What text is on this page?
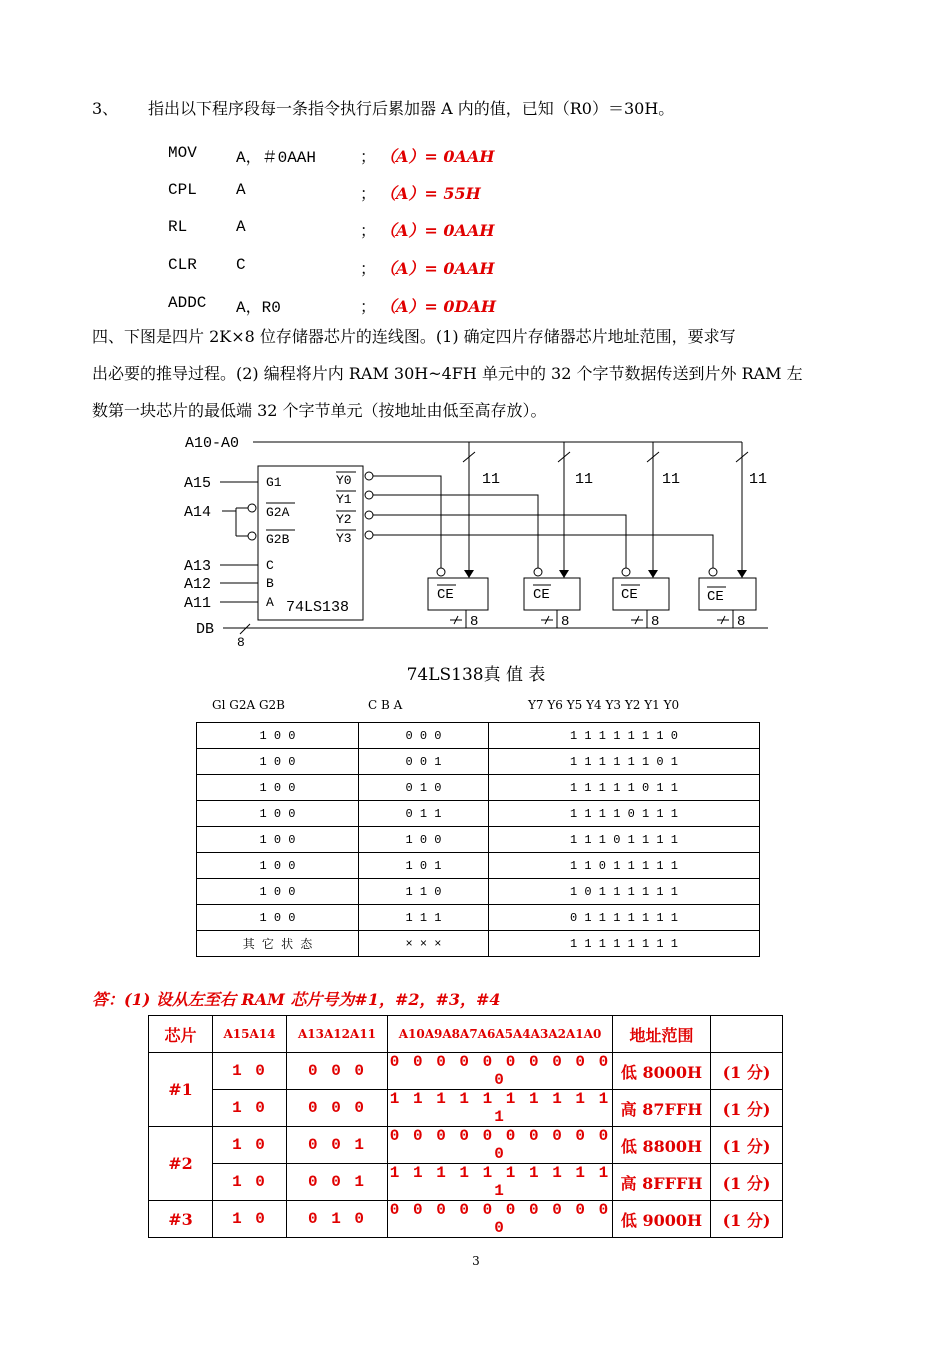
3、 指出以下程序段每一条指令执行后累加器 A 内的值，已知（R0）＝30H。
MOV A，＃0AAH	； （A）= 0AAH
CPL A	； （A）= 55H
RL	A	； （A）= 0AAH
CLR C	； （A）= 0AAH
ADDC A，R0	； （A）= 0DAH
四、下图是四片 2K×8 位存储器芯片的连线图。(1) 确定四片存储器芯片地址范围，要求写
出必要的推导过程。(2) 编程将片内 RAM 30H~4FH 单元中的 32 个字节数据传送到片外 RAM 左
数第一块芯片的最低端 32 个字节单元（按地址由低至高存放）。
A10-A0
A15
A14
A13
A12
A11
DB
8
74LS138
G1
G2A
G2B
C
B
A
Y0
Y1
Y2
Y3
11	11	11	11
CE	CE	CE	CE
8	8	8	8
74LS138真 值 表
Gl G2A G2B	C B A	Y7 Y6 Y5 Y4 Y3 Y2 Y1 Y0
1 0 0	0 0 0	1 1 1 1 1 1 1 0
1 0 0	0 0 1	1 1 1 1 1 1 0 1
1 0 0	0 1 0	1 1 1 1 1 0 1 1
1 0 0	0 1 1	1 1 1 1 0 1 1 1
1 0 0	1 0 0	1 1 1 0 1 1 1 1
1 0 0	1 0 1	1 1 0 1 1 1 1 1
1 0 0	1 1 0	1 0 1 1 1 1 1 1
1 0 0	1 1 1	0 1 1 1 1 1 1 1
其 它 状 态	× × ×	1 1 1 1 1 1 1 1
答：(1) 设从左至右 RAM 芯片号为#1，#2，#3，#4
芯片	A15A14	A13A12A11	A10A9A8A7A6A5A4A3A2A1A0	地址范围	
#1	1 0	0 0 0	0 0 0 0 0 0 0 0 0 0 0	低 8000H	(1 分)
	1 0	0 0 0	1 1 1 1 1 1 1 1 1 1 1	高 87FFH	(1 分)
#2	1 0	0 0 1	0 0 0 0 0 0 0 0 0 0 0	低 8800H	(1 分)
	1 0	0 0 1	1 1 1 1 1 1 1 1 1 1 1	高 8FFFH	(1 分)
#3	1 0	0 1 0	0 0 0 0 0 0 0 0 0 0 0	低 9000H	(1 分)
3
